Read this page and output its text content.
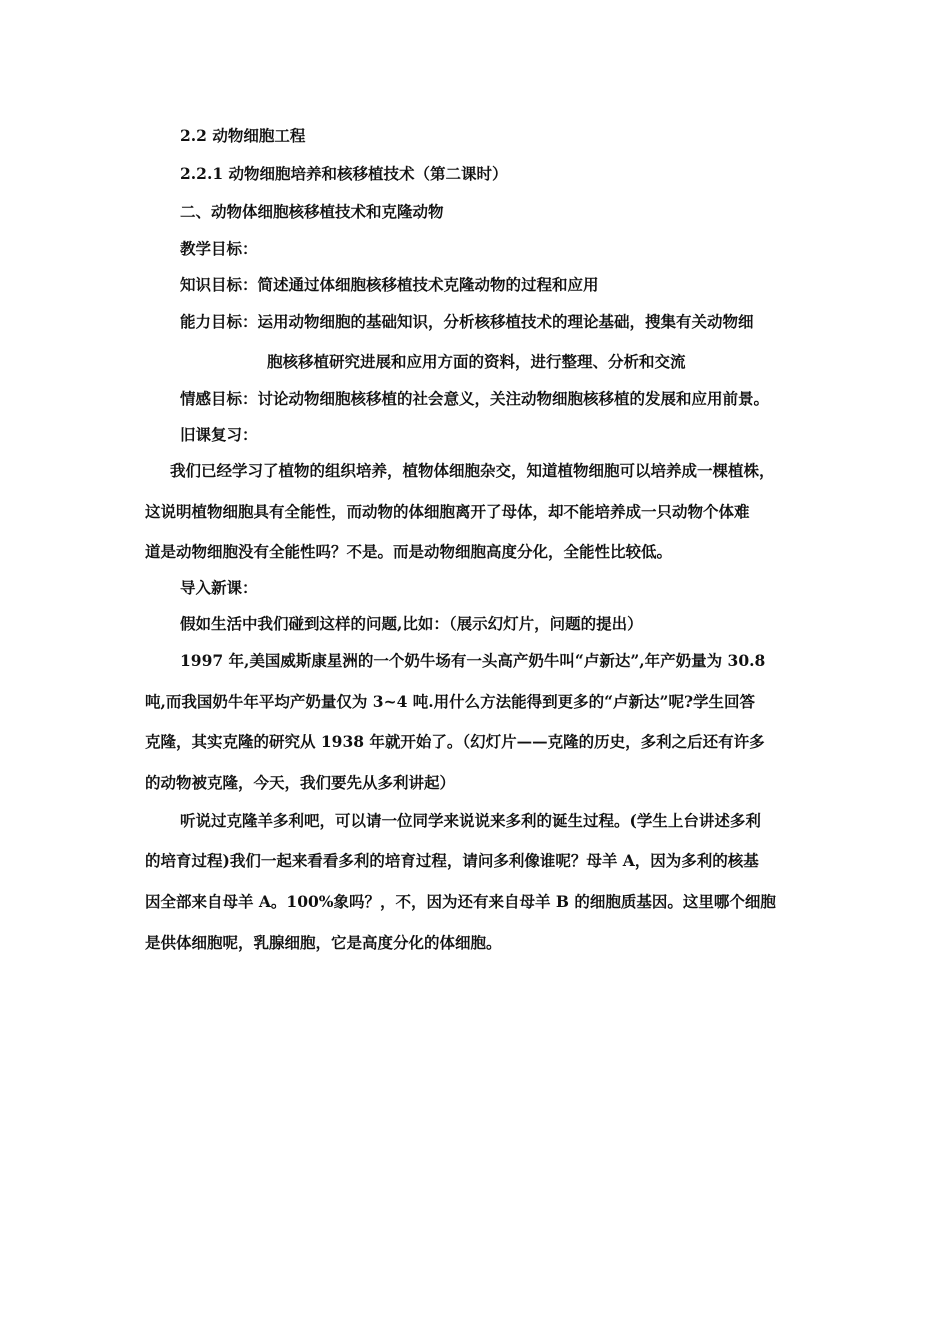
2.2 动物细胞工程
2.2.1 动物细胞培养和核移植技术（第二课时）
二、动物体细胞核移植技术和克隆动物
教学目标：
知识目标：简述通过体细胞核移植技术克隆动物的过程和应用
能力目标：运用动物细胞的基础知识，分析核移植技术的理论基础，搜集有关动物细
胞核移植研究进展和应用方面的资料，进行整理、分析和交流
情感目标：讨论动物细胞核移植的社会意义，关注动物细胞核移植的发展和应用前景。
旧课复习：
我们已经学习了植物的组织培养，植物体细胞杂交，知道植物细胞可以培养成一棵植株，
这说明植物细胞具有全能性，而动物的体细胞离开了母体，却不能培养成一只动物个体难
道是动物细胞没有全能性吗？不是。而是动物细胞高度分化，全能性比较低。
导入新课：
假如生活中我们碰到这样的问题,比如：（展示幻灯片，问题的提出）
1997 年,美国威斯康星洲的一个奶牛场有一头高产奶牛叫“卢新达”,年产奶量为 30.8
吨,而我国奶牛年平均产奶量仅为 3~4 吨.用什么方法能得到更多的“卢新达”呢?学生回答
克隆，其实克隆的研究从 1938 年就开始了。（幻灯片——克隆的历史，多利之后还有许多
的动物被克隆，今天，我们要先从多利讲起）
听说过克隆羊多利吧，可以请一位同学来说说来多利的诞生过程。(学生上台讲述多利
的培育过程)我们一起来看看多利的培育过程，请问多利像谁呢？母羊 A，因为多利的核基
因全部来自母羊 A。100%象吗？，不，因为还有来自母羊 B 的细胞质基因。这里哪个细胞
是供体细胞呢，乳腺细胞，它是高度分化的体细胞。
